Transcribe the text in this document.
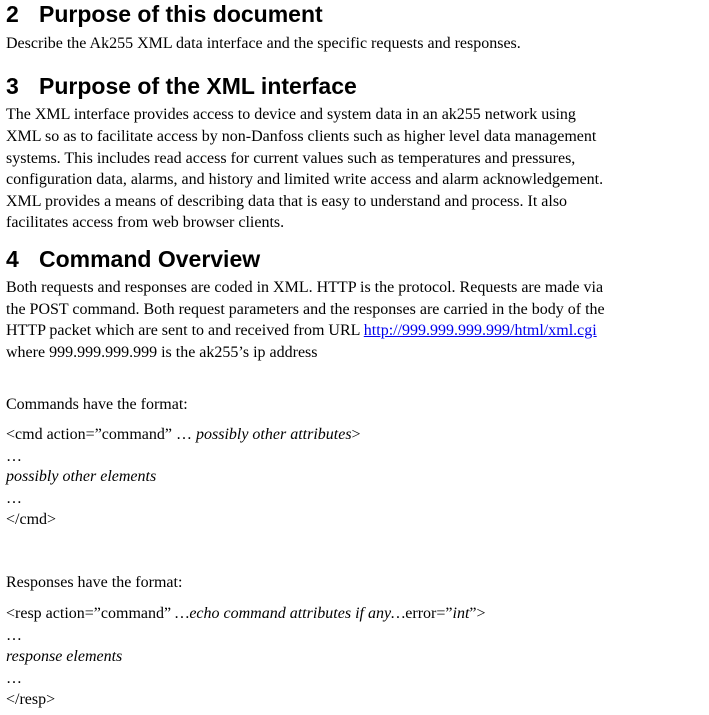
2 Purpose of this document
Describe the Ak255 XML data interface and the specific requests and responses.
3 Purpose of the XML interface
The XML interface provides access to device and system data in an ak255 network using
XML so as to facilitate access by non-Danfoss clients such as higher level data management
systems. This includes read access for current values such as temperatures and pressures,
configuration data, alarms, and history and limited write access and alarm acknowledgement.
XML provides a means of describing data that is easy to understand and process. It also
facilitates access from web browser clients.
4 Command Overview
Both requests and responses are coded in XML. HTTP is the protocol. Requests are made via
the POST command. Both request parameters and the responses are carried in the body of the
HTTP packet which are sent to and received from URL http://999.999.999.999/html/xml.cgi
where 999.999.999.999 is the ak255’s ip address
Commands have the format:
<cmd action=”command” … possibly other attributes>
…
possibly other elements
…
</cmd>
Responses have the format:
<resp action=”command” …echo command attributes if any…error=”int”>
…
response elements
…
</resp>
